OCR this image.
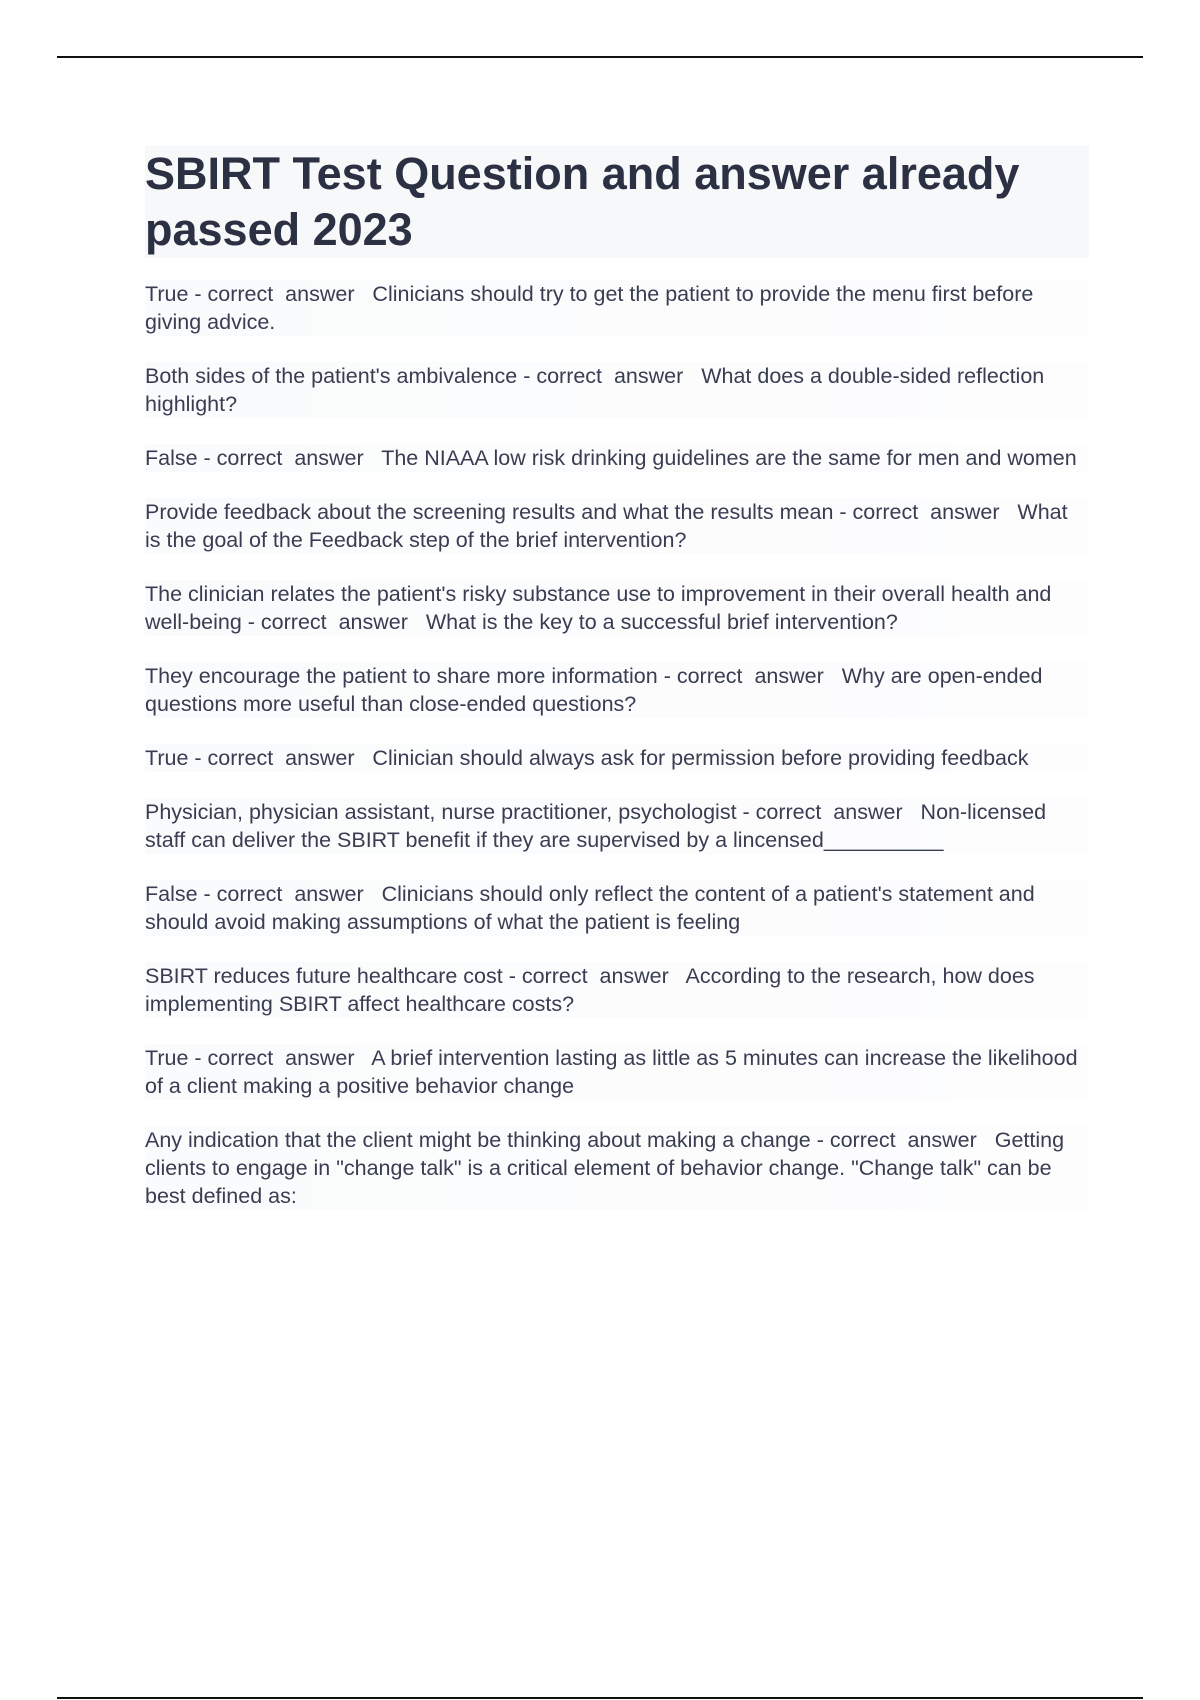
SBIRT Test Question and answer already passed 2023
True - correct  answer   Clinicians should try to get the patient to provide the menu first before giving advice.
Both sides of the patient's ambivalence - correct  answer   What does a double-sided reflection highlight?
False - correct  answer   The NIAAA low risk drinking guidelines are the same for men and women
Provide feedback about the screening results and what the results mean - correct  answer   What is the goal of the Feedback step of the brief intervention?
The clinician relates the patient's risky substance use to improvement in their overall health and well-being - correct  answer   What is the key to a successful brief intervention?
They encourage the patient to share more information - correct  answer   Why are open-ended questions more useful than close-ended questions?
True - correct  answer   Clinician should always ask for permission before providing feedback
Physician, physician assistant, nurse practitioner, psychologist - correct  answer   Non-licensed staff can deliver the SBIRT benefit if they are supervised by a lincensed__________
False - correct  answer   Clinicians should only reflect the content of a patient's statement and should avoid making assumptions of what the patient is feeling
SBIRT reduces future healthcare cost - correct  answer   According to the research, how does implementing SBIRT affect healthcare costs?
True - correct  answer   A brief intervention lasting as little as 5 minutes can increase the likelihood of a client making a positive behavior change
Any indication that the client might be thinking about making a change - correct  answer   Getting clients to engage in "change talk" is a critical element of behavior change. "Change talk" can be best defined as:
